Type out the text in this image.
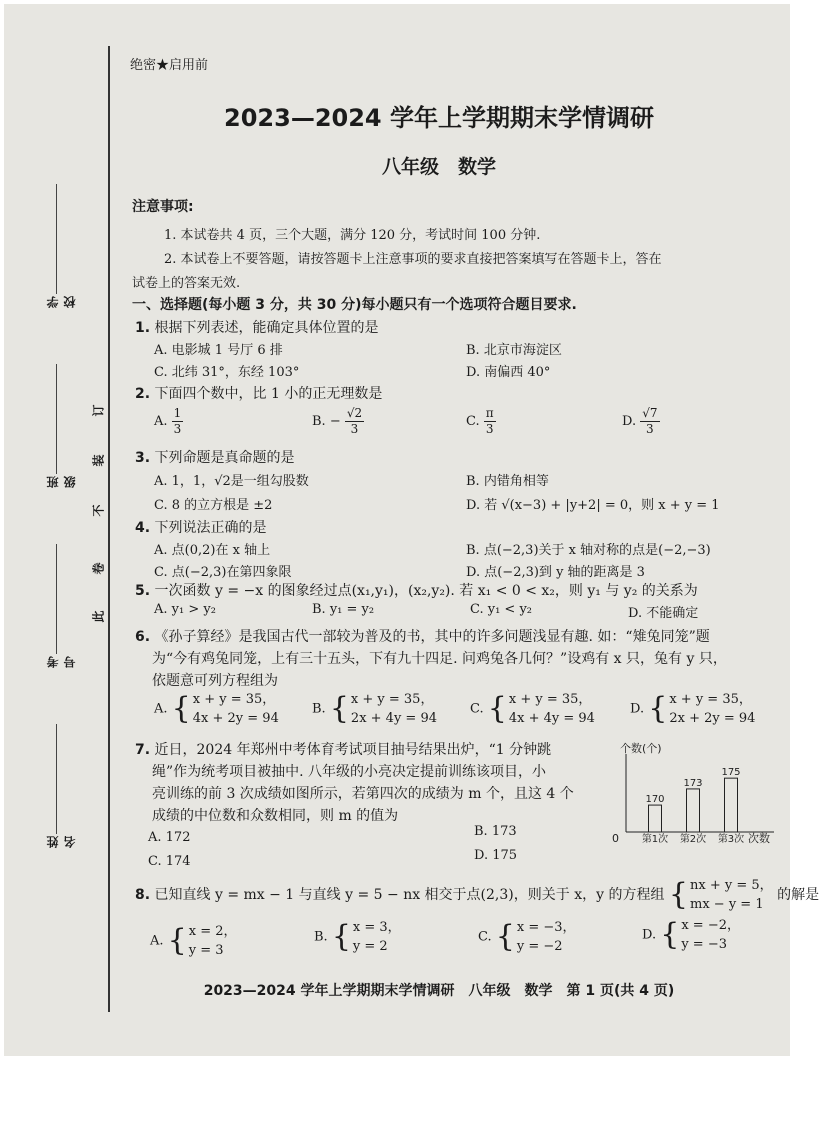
学校
班级
考号
姓名
订
装
不
卷
此
绝密★启用前
2023—2024 学年上学期期末学情调研
八年级　数学
注意事项:
1. 本试卷共 4 页，三个大题，满分 120 分，考试时间 100 分钟.
2. 本试卷上不要答题，请按答题卡上注意事项的要求直接把答案填写在答题卡上，答在
试卷上的答案无效.
一、选择题(每小题 3 分，共 30 分)每小题只有一个选项符合题目要求.
1. 根据下列表述，能确定具体位置的是
A. 电影城 1 号厅 6 排	B. 北京市海淀区
C. 北纬 31°，东经 103°	D. 南偏西 40°
2. 下面四个数中，比 1 小的正无理数是
A. $\frac{1}{3}$	B. − $\frac{√2}{3}$	C. $\frac{\pi}{3}$	D. $\frac{√7}{3}$
3. 下列命题是真命题的是
A. 1，1，√2是一组勾股数	B. 内错角相等
C. 8 的立方根是 ±2	D. 若 √(x−3) + |y+2| = 0，则 x + y = 1
4. 下列说法正确的是
A. 点(0,2)在 x 轴上	B. 点(−2,3)关于 x 轴对称的点是(−2,−3)
C. 点(−2,3)在第四象限	D. 点(−2,3)到 y 轴的距离是 3
5. 一次函数 y = −x 的图象经过点(x₁,y₁)，(x₂,y₂). 若 x₁ < 0 < x₂，则 y₁ 与 y₂ 的关系为
A. y₁ > y₂	B. y₁ = y₂	C. y₁ < y₂	D. 不能确定
6. 《孙子算经》是我国古代一部较为普及的书，其中的许多问题浅显有趣. 如：“雉兔同笼”题
为“今有鸡兔同笼，上有三十五头，下有九十四足. 问鸡兔各几何？”设鸡有 x 只，兔有 y 只，
依题意可列方程组为
A. { x + y = 35，
4x + 2y = 94
B. { x + y = 35，
2x + 4y = 94
C. { x + y = 35，
4x + 4y = 94
D. { x + y = 35，
2x + 2y = 94
7. 近日，2024 年郑州中考体育考试项目抽号结果出炉，“1 分钟跳
绳”作为统考项目被抽中. 八年级的小亮决定提前训练该项目，小
亮训练的前 3 次成绩如图所示，若第四次的成绩为 m 个，且这 4 个
成绩的中位数和众数相同，则 m 的值为
A. 172	B. 173
C. 174	D. 175
个数(个)
0	次数
170
第1次
173
第2次
175
第3次
8. 已知直线 y = mx − 1 与直线 y = 5 − nx 相交于点(2,3)，则关于 x，y 的方程组 { nx + y = 5，
mx − y = 1
的解是
A. { x = 2，
y = 3
B. { x = 3，
y = 2
C. { x = −3，
y = −2
D. { x = −2，
y = −3
2023—2024 学年上学期期末学情调研　八年级　数学　第 1 页(共 4 页)
